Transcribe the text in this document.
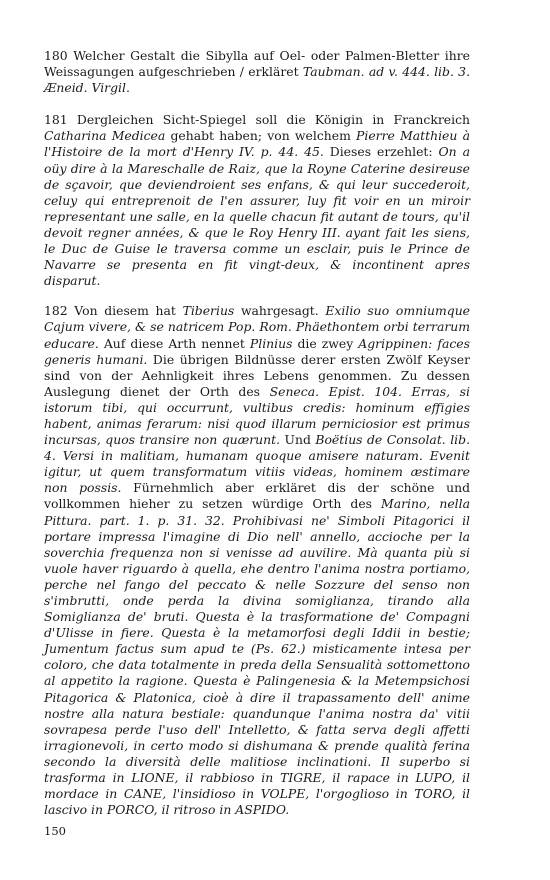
180 Welcher Gestalt die Sibylla auf Oel- oder Palmen-Bletter ihre Weissagungen aufgeschrieben / erkläret Taubman. ad v. 444. lib. 3. Æneid. Virgil.

181 Dergleichen Sicht-Spiegel soll die Königin in Franckreich Catharina Medicea gehabt haben; von welchem Pierre Matthieu à l'Histoire de la mort d'Henry IV. p. 44. 45. Dieses erzehlet: On a oüy dire à la Mareschalle de Raiz, que la Royne Caterine desireuse de sçavoir, que deviendroient ses enfans, & qui leur succederoit, celuy qui entreprenoit de l'en assurer, luy fit voir en un miroir representant une salle, en la quelle chacun fit autant de tours, qu'il devoit regner années, & que le Roy Henry III. ayant fait les siens, le Duc de Guise le traversa comme un esclair, puis le Prince de Navarre se presenta en fit vingt-deux, & incontinent apres disparut.

182 Von diesem hat Tiberius wahrgesagt. Exilio suo omniumque Cajum vivere, & se natricem Pop. Rom. Phäethontem orbi terrarum educare. Auf diese Arth nennet Plinius die zwey Agrippinen: faces generis humani. Die übrigen Bildnüsse derer ersten Zwölf Keyser sind von der Aehnligkeit ihres Lebens genommen. Zu dessen Auslegung dienet der Orth des Seneca. Epist. 104. Erras, si istorum tibi, qui occurrunt, vultibus credis: hominum effigies habent, animas ferarum: nisi quod illarum perniciosior est primus incursas, quos transire non quærunt. Und Boëtius de Consolat. lib. 4. Versi in malitiam, humanam quoque amisere naturam. Evenit igitur, ut quem transformatum vitiis videas, hominem æstimare non possis. Fürnehmlich aber erkläret dis der schöne und vollkommen hieher zu setzen würdige Orth des Marino, nella Pittura. part. 1. p. 31. 32. Prohibivasi ne' Simboli Pitagorici il portare impressa l'imagine di Dio nell' annello, accioche per la soverchia frequenza non si venisse ad auvilire. Mà quanta più si vuole haver riguardo à quella, ehe dentro l'anima nostra portiamo, perche nel fango del peccato & nelle Sozzure del senso non s'imbrutti, onde perda la divina somiglianza, tirando alla Somiglianza de' bruti. Questa è la trasformatione de' Compagni d'Ulisse in fiere. Questa è la metamorfosi degli Iddii in bestie; Jumentum factus sum apud te (Ps. 62.) misticamente intesa per coloro, che data totalmente in preda della Sensualità sottomettono al appetito la ragione. Questa è Palingenesia & la Metempsichosi Pitagorica & Platonica, cioè à dire il trapassamento dell' anime nostre alla natura bestiale: quandunque l'anima nostra da' vitii sovrapesa perde l'uso dell' Intelletto, & fatta serva degli affetti irragionevoli, in certo modo si dishumana & prende qualità ferina secondo la diversità delle malitiose inclinationi. Il superbo si trasforma in LIONE, il rabbioso in TIGRE, il rapace in LUPO, il mordace in CANE, l'insidioso in VOLPE, l'orgoglioso in TORO, il lascivo in PORCO, il ritroso in ASPIDO.

150
